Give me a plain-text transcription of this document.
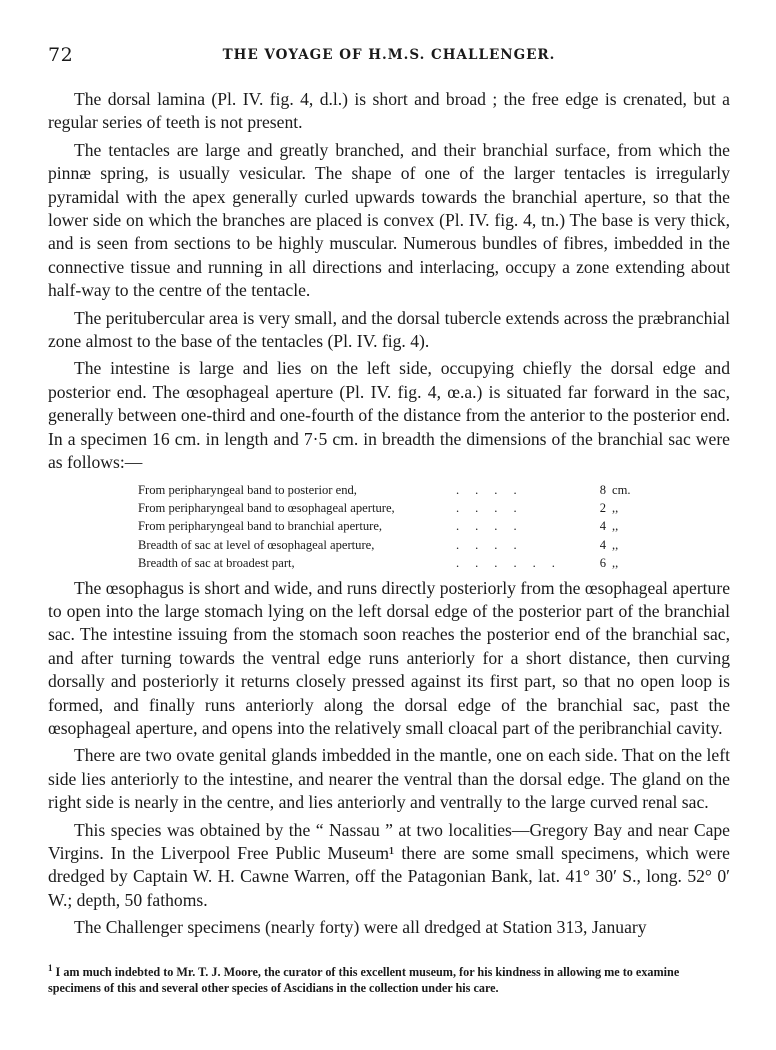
72	THE VOYAGE OF H.M.S. CHALLENGER.

The dorsal lamina (Pl. IV. fig. 4, d.l.) is short and broad ; the free edge is crenated, but a regular series of teeth is not present.

The tentacles are large and greatly branched, and their branchial surface, from which the pinnæ spring, is usually vesicular. The shape of one of the larger tentacles is irregularly pyramidal with the apex generally curled upwards towards the branchial aperture, so that the lower side on which the branches are placed is convex (Pl. IV. fig. 4, tn.) The base is very thick, and is seen from sections to be highly muscular. Numerous bundles of fibres, imbedded in the connective tissue and running in all directions and interlacing, occupy a zone extending about half-way to the centre of the tentacle.

The peritubercular area is very small, and the dorsal tubercle extends across the præbranchial zone almost to the base of the tentacles (Pl. IV. fig. 4).

The intestine is large and lies on the left side, occupying chiefly the dorsal edge and posterior end. The œsophageal aperture (Pl. IV. fig. 4, œ.a.) is situated far forward in the sac, generally between one-third and one-fourth of the distance from the anterior to the posterior end. In a specimen 16 cm. in length and 7·5 cm. in breadth the dimensions of the branchial sac were as follows:—

From peripharyngeal band to posterior end,	....	8	cm.
From peripharyngeal band to œsophageal aperture,	....	2	,,
From peripharyngeal band to branchial aperture,	....	4	,,
Breadth of sac at level of œsophageal aperture,	....	4	,,
Breadth of sac at broadest part,	......	6	,,

The œsophagus is short and wide, and runs directly posteriorly from the œsophageal aperture to open into the large stomach lying on the left dorsal edge of the posterior part of the branchial sac. The intestine issuing from the stomach soon reaches the posterior end of the branchial sac, and after turning towards the ventral edge runs anteriorly for a short distance, then curving dorsally and posteriorly it returns closely pressed against its first part, so that no open loop is formed, and finally runs anteriorly along the dorsal edge of the branchial sac, past the œsophageal aperture, and opens into the relatively small cloacal part of the peribranchial cavity.

There are two ovate genital glands imbedded in the mantle, one on each side. That on the left side lies anteriorly to the intestine, and nearer the ventral than the dorsal edge. The gland on the right side is nearly in the centre, and lies anteriorly and ventrally to the large curved renal sac.

This species was obtained by the “ Nassau ” at two localities—Gregory Bay and near Cape Virgins. In the Liverpool Free Public Museum¹ there are some small specimens, which were dredged by Captain W. H. Cawne Warren, off the Patagonian Bank, lat. 41° 30′ S., long. 52° 0′ W.; depth, 50 fathoms.

The Challenger specimens (nearly forty) were all dredged at Station 313, January

$^1$ I am much indebted to Mr. T. J. Moore, the curator of this excellent museum, for his kindness in allowing me to examine specimens of this and several other species of Ascidians in the collection under his care.
